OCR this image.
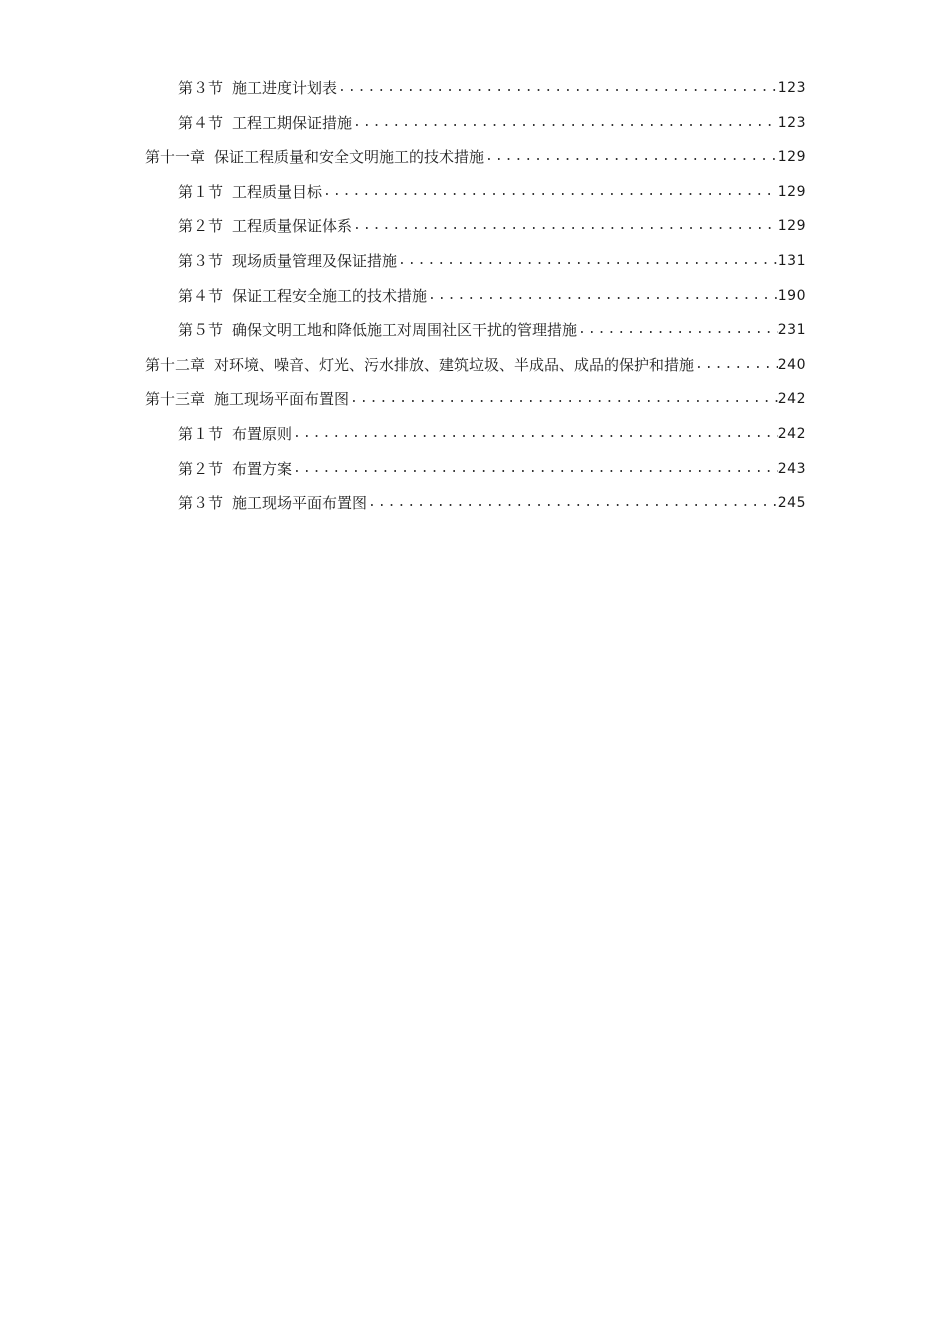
第３节 施工进度计划表 .....	123
第４节 工程工期保证措施 .....	123
第十一章 保证工程质量和安全文明施工的技术措施 .....	129
第１节 工程质量目标 .....	129
第２节 工程质量保证体系 .....	129
第３节 现场质量管理及保证措施 .....	131
第４节 保证工程安全施工的技术措施 .....	190
第５节 确保文明工地和降低施工对周围社区干扰的管理措施 .....	231
第十二章 对环境、噪音、灯光、污水排放、建筑垃圾、半成品、成品的保护和措施 .....	240
第十三章 施工现场平面布置图 .....	242
第１节 布置原则 .....	242
第２节 布置方案 .....	243
第３节 施工现场平面布置图 .....	245
